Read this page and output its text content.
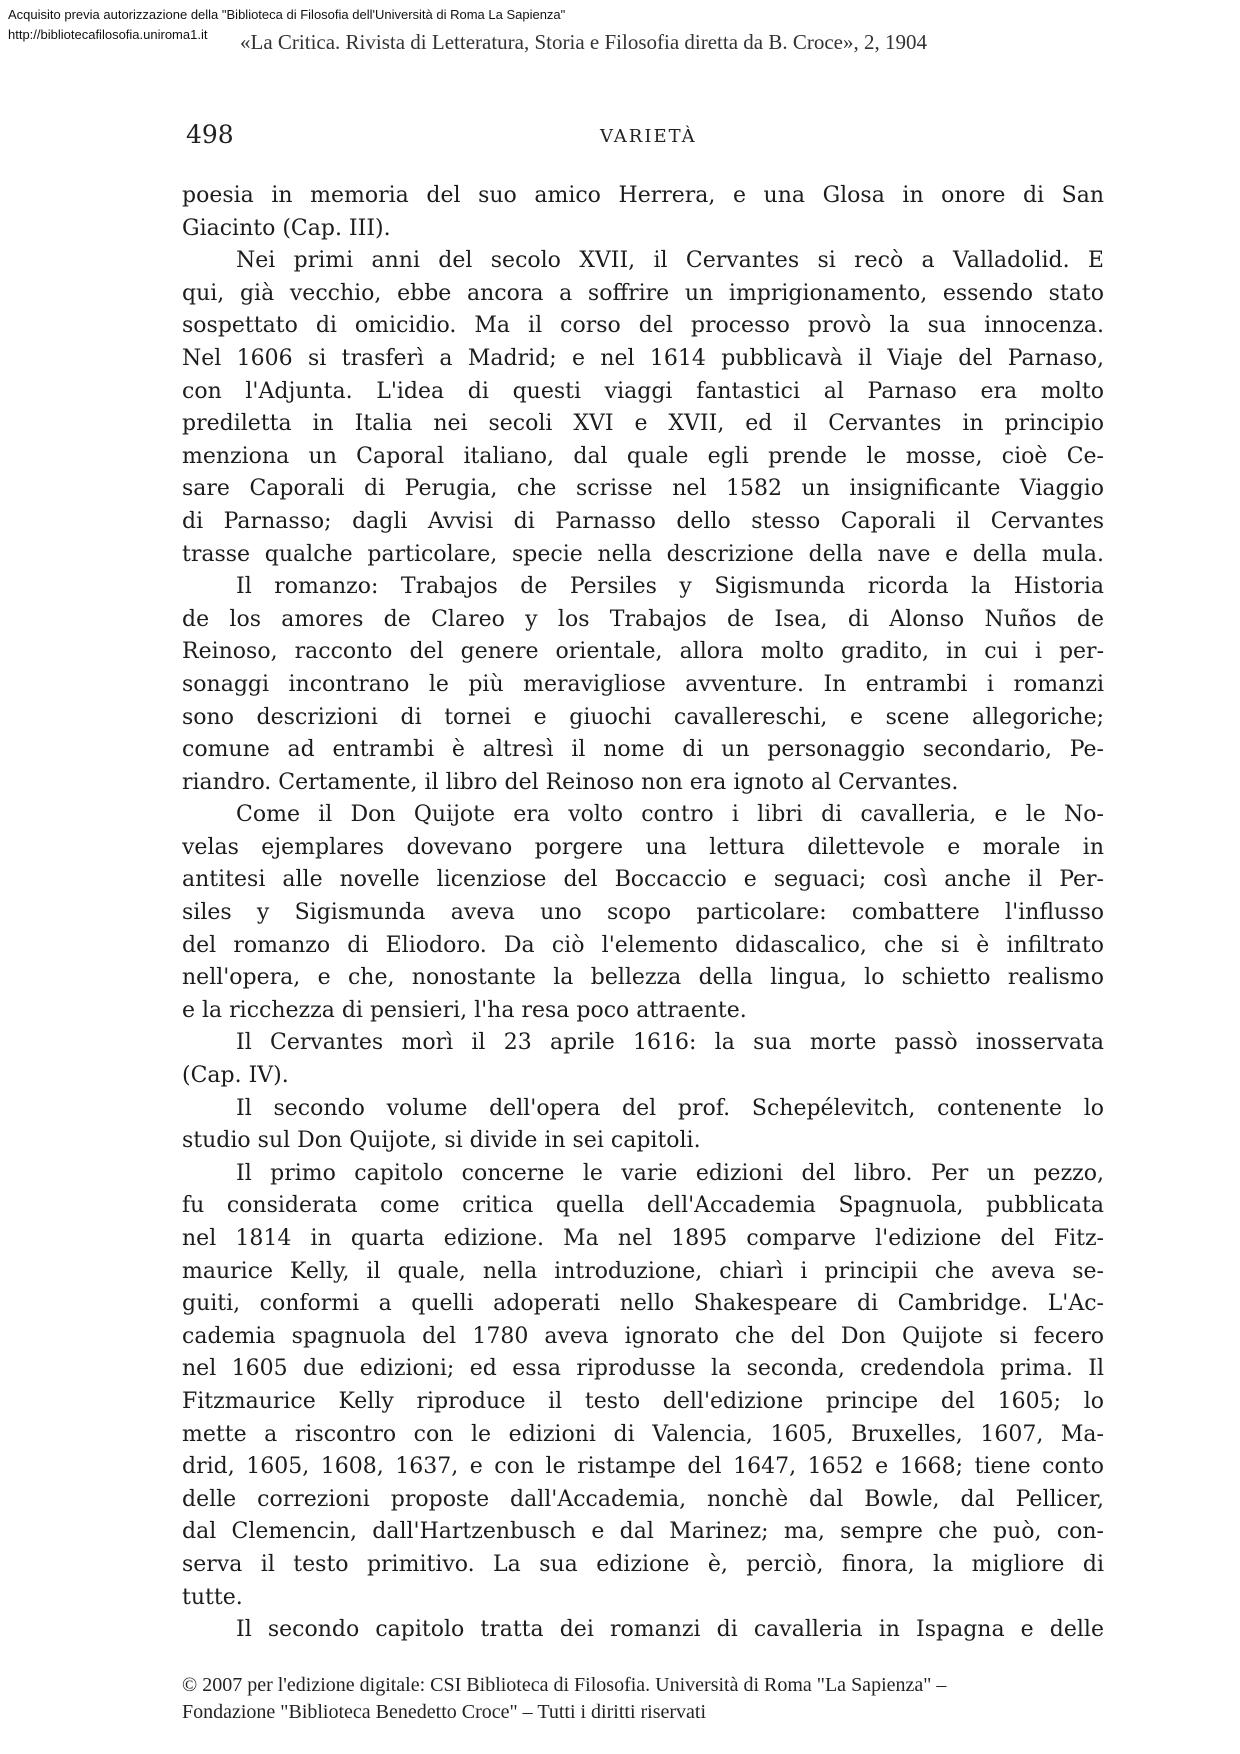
Acquisito previa autorizzazione della "Biblioteca di Filosofia dell'Università di Roma La Sapienza"
http://bibliotecafilosofia.uniroma1.it	«La Critica. Rivista di Letteratura, Storia e Filosofia diretta da B. Croce», 2, 1904
498	VARIETÀ
poesia in memoria del suo amico Herrera, e una Glosa in onore di San
Giacinto (Cap. III).
Nei primi anni del secolo XVII, il Cervantes si recò a Valladolid. E
qui, già vecchio, ebbe ancora a soffrire un imprigionamento, essendo stato
sospettato di omicidio. Ma il corso del processo provò la sua innocenza.
Nel 1606 si trasferì a Madrid; e nel 1614 pubblicavà il Viaje del Parnaso,
con l'Adjunta. L'idea di questi viaggi fantastici al Parnaso era molto
prediletta in Italia nei secoli XVI e XVII, ed il Cervantes in principio
menziona un Caporal italiano, dal quale egli prende le mosse, cioè Ce-
sare Caporali di Perugia, che scrisse nel 1582 un insignificante Viaggio
di Parnasso; dagli Avvisi di Parnasso dello stesso Caporali il Cervantes
trasse qualche particolare, specie nella descrizione della nave e della mula.
Il romanzo: Trabajos de Persiles y Sigismunda ricorda la Historia
de los amores de Clareo y los Trabajos de Isea, di Alonso Nuños de
Reinoso, racconto del genere orientale, allora molto gradito, in cui i per-
sonaggi incontrano le più meravigliose avventure. In entrambi i romanzi
sono descrizioni di tornei e giuochi cavallereschi, e scene allegoriche;
comune ad entrambi è altresì il nome di un personaggio secondario, Pe-
riandro. Certamente, il libro del Reinoso non era ignoto al Cervantes.
Come il Don Quijote era volto contro i libri di cavalleria, e le No-
velas ejemplares dovevano porgere una lettura dilettevole e morale in
antitesi alle novelle licenziose del Boccaccio e seguaci; così anche il Per-
siles y Sigismunda aveva uno scopo particolare: combattere l'influsso
del romanzo di Eliodoro. Da ciò l'elemento didascalico, che si è infiltrato
nell'opera, e che, nonostante la bellezza della lingua, lo schietto realismo
e la ricchezza di pensieri, l'ha resa poco attraente.
Il Cervantes morì il 23 aprile 1616: la sua morte passò inosservata
(Cap. IV).
Il secondo volume dell'opera del prof. Schepélevitch, contenente lo
studio sul Don Quijote, si divide in sei capitoli.
Il primo capitolo concerne le varie edizioni del libro. Per un pezzo,
fu considerata come critica quella dell'Accademia Spagnuola, pubblicata
nel 1814 in quarta edizione. Ma nel 1895 comparve l'edizione del Fitz-
maurice Kelly, il quale, nella introduzione, chiarì i principii che aveva se-
guiti, conformi a quelli adoperati nello Shakespeare di Cambridge. L'Ac-
cademia spagnuola del 1780 aveva ignorato che del Don Quijote si fecero
nel 1605 due edizioni; ed essa riprodusse la seconda, credendola prima. Il
Fitzmaurice Kelly riproduce il testo dell'edizione principe del 1605; lo
mette a riscontro con le edizioni di Valencia, 1605, Bruxelles, 1607, Ma-
drid, 1605, 1608, 1637, e con le ristampe del 1647, 1652 e 1668; tiene conto
delle correzioni proposte dall'Accademia, nonchè dal Bowle, dal Pellicer,
dal Clemencin, dall'Hartzenbusch e dal Marinez; ma, sempre che può, con-
serva il testo primitivo. La sua edizione è, perciò, finora, la migliore di
tutte.
Il secondo capitolo tratta dei romanzi di cavalleria in Ispagna e delle
© 2007 per l'edizione digitale: CSI Biblioteca di Filosofia. Università di Roma "La Sapienza" –
Fondazione "Biblioteca Benedetto Croce" – Tutti i diritti riservati
